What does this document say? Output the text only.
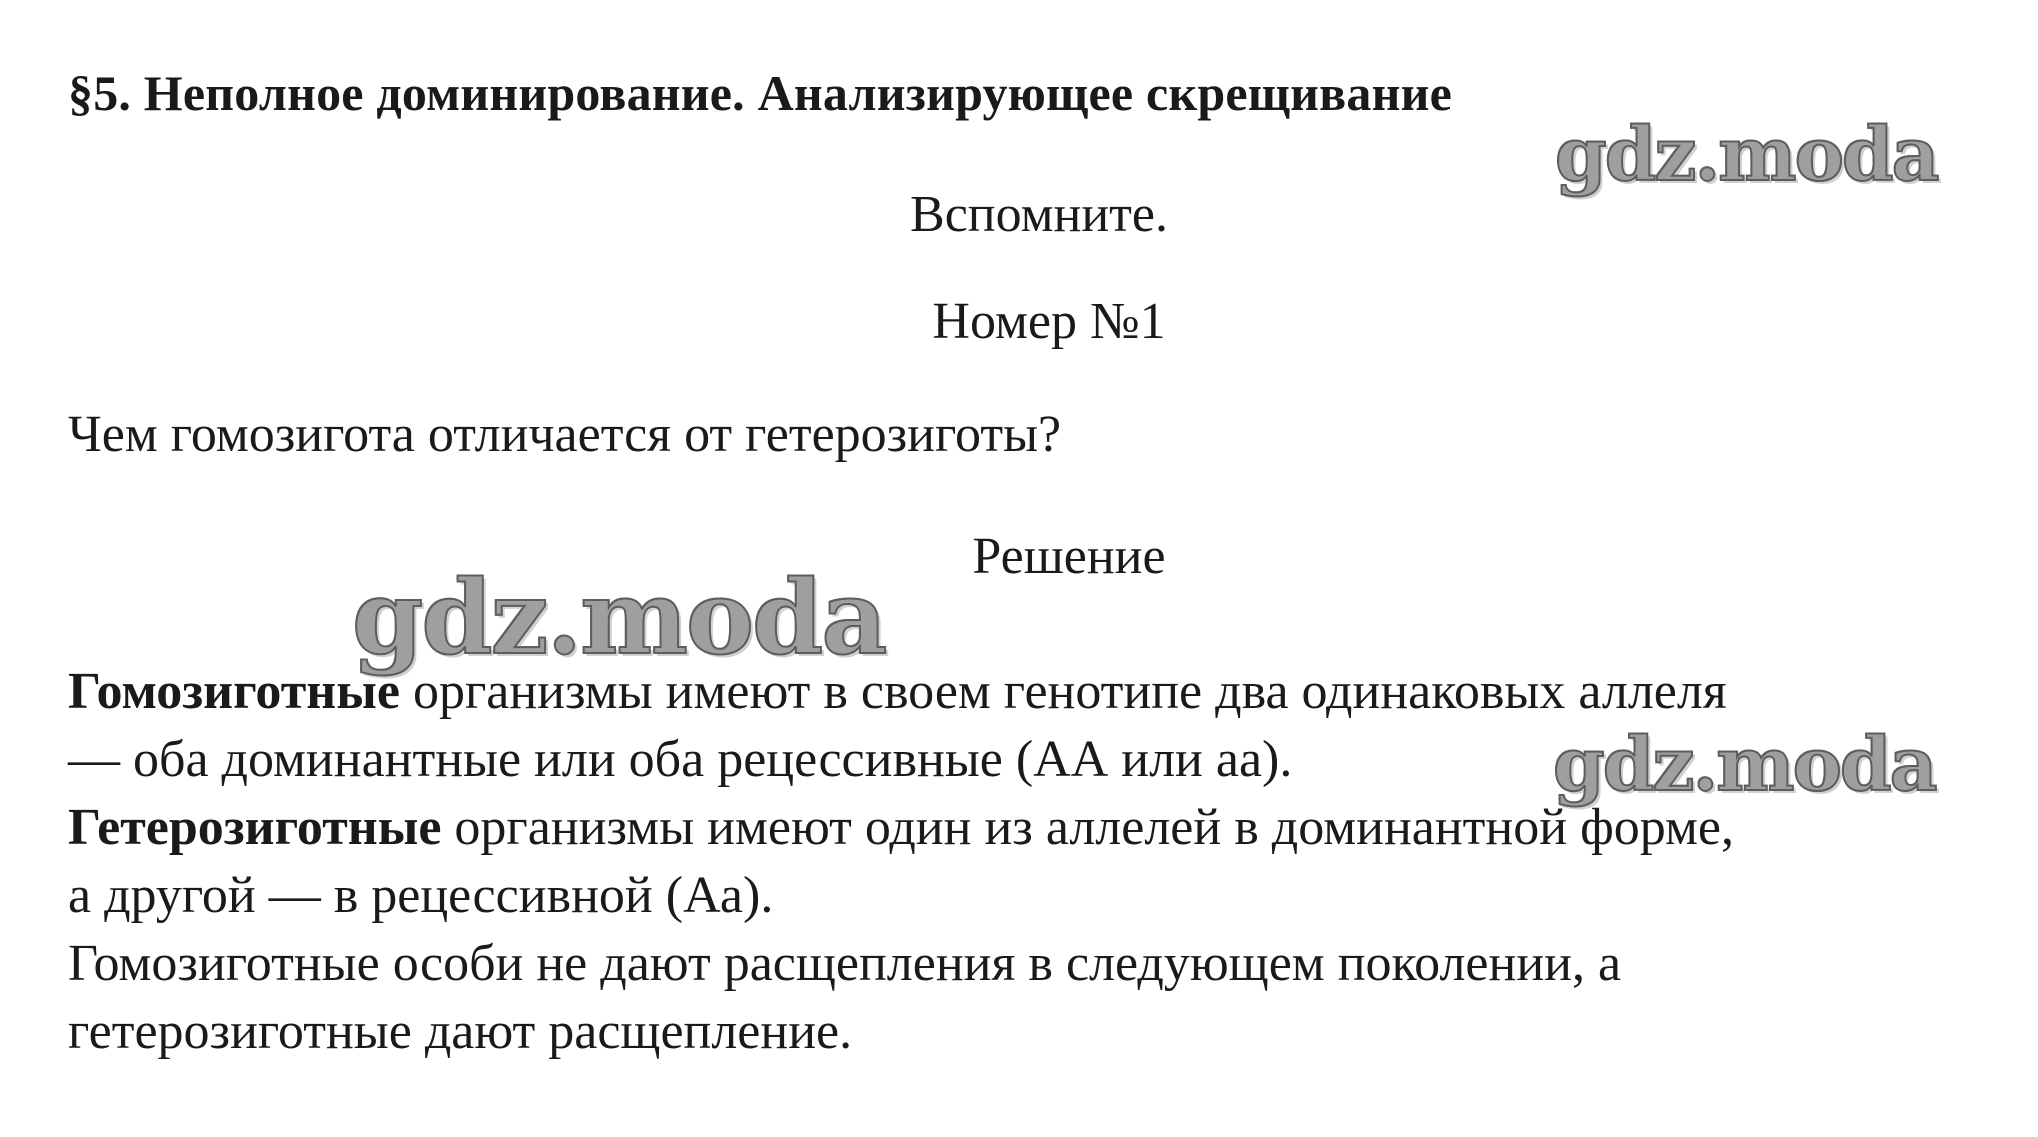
§5. Неполное доминирование. Анализирующее скрещивание
gdz.moda

Вспомните.

Номер №1

Чем гомозигота отличается от гетерозиготы?

Решение

gdz.moda

Гомозиготные организмы имеют в своем генотипе два одинаковых аллеля

— оба доминантные или оба рецессивные (АА или аа).

Гетерозиготные организмы имеют один из аллелей в доминантной форме,

а другой — в рецессивной (Аа).

Гомозиготные особи не дают расщепления в следующем поколении, а

гетерозиготные дают расщепление.

gdz.moda
